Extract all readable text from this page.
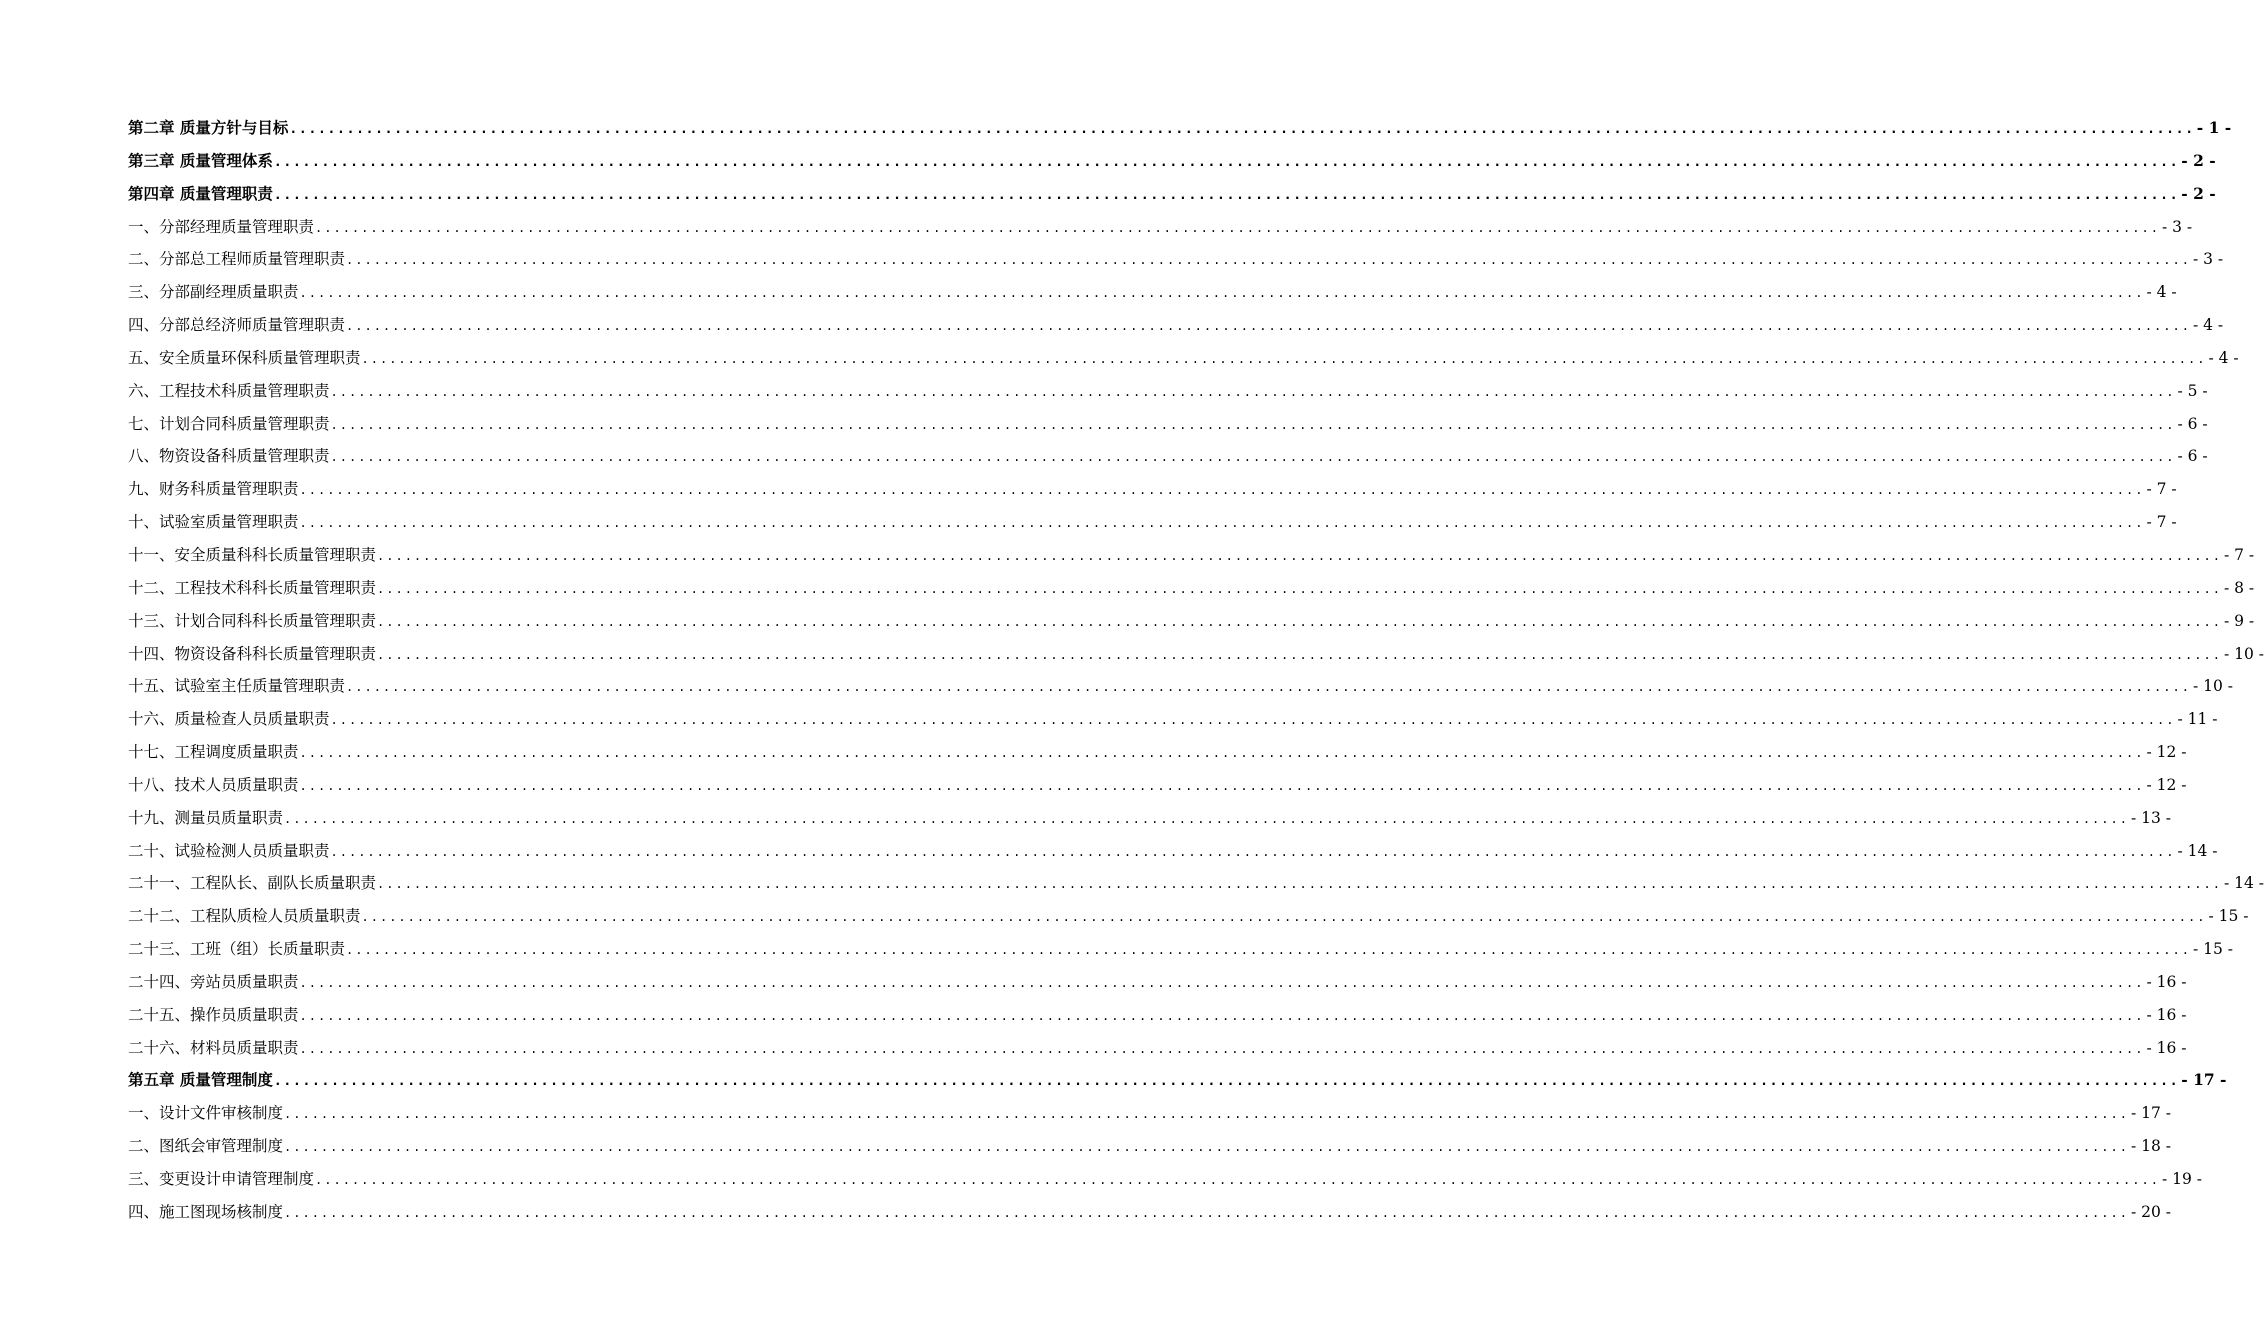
第二章 质量方针与目标 ........................................................................................................................................................................................................ - 1 -
第三章 质量管理体系 ........................................................................................................................................................................................................ - 2 -
第四章 质量管理职责 ........................................................................................................................................................................................................ - 2 -
一、分部经理质量管理职责 ........................................................................................................................................................................................................ - 3 -
二、分部总工程师质量管理职责 ........................................................................................................................................................................................................ - 3 -
三、分部副经理质量职责 ........................................................................................................................................................................................................ - 4 -
四、分部总经济师质量管理职责 ........................................................................................................................................................................................................ - 4 -
五、安全质量环保科质量管理职责 ........................................................................................................................................................................................................ - 4 -
六、工程技术科质量管理职责 ........................................................................................................................................................................................................ - 5 -
七、计划合同科质量管理职责 ........................................................................................................................................................................................................ - 6 -
八、物资设备科质量管理职责 ........................................................................................................................................................................................................ - 6 -
九、财务科质量管理职责 ........................................................................................................................................................................................................ - 7 -
十、试验室质量管理职责 ........................................................................................................................................................................................................ - 7 -
十一、安全质量科科长质量管理职责 ........................................................................................................................................................................................................ - 7 -
十二、工程技术科科长质量管理职责 ........................................................................................................................................................................................................ - 8 -
十三、计划合同科科长质量管理职责 ........................................................................................................................................................................................................ - 9 -
十四、物资设备科科长质量管理职责 ........................................................................................................................................................................................................ - 10 -
十五、试验室主任质量管理职责 ........................................................................................................................................................................................................ - 10 -
十六、质量检查人员质量职责 ........................................................................................................................................................................................................ - 11 -
十七、工程调度质量职责 ........................................................................................................................................................................................................ - 12 -
十八、技术人员质量职责 ........................................................................................................................................................................................................ - 12 -
十九、测量员质量职责 ........................................................................................................................................................................................................ - 13 -
二十、试验检测人员质量职责 ........................................................................................................................................................................................................ - 14 -
二十一、工程队长、副队长质量职责 ........................................................................................................................................................................................................ - 14 -
二十二、工程队质检人员质量职责 ........................................................................................................................................................................................................ - 15 -
二十三、工班（组）长质量职责 ........................................................................................................................................................................................................ - 15 -
二十四、旁站员质量职责 ........................................................................................................................................................................................................ - 16 -
二十五、操作员质量职责 ........................................................................................................................................................................................................ - 16 -
二十六、材料员质量职责 ........................................................................................................................................................................................................ - 16 -
第五章 质量管理制度 ........................................................................................................................................................................................................ - 17 -
一、设计文件审核制度 ........................................................................................................................................................................................................ - 17 -
二、图纸会审管理制度 ........................................................................................................................................................................................................ - 18 -
三、变更设计申请管理制度 ........................................................................................................................................................................................................ - 19 -
四、施工图现场核制度 ........................................................................................................................................................................................................ - 20 -
